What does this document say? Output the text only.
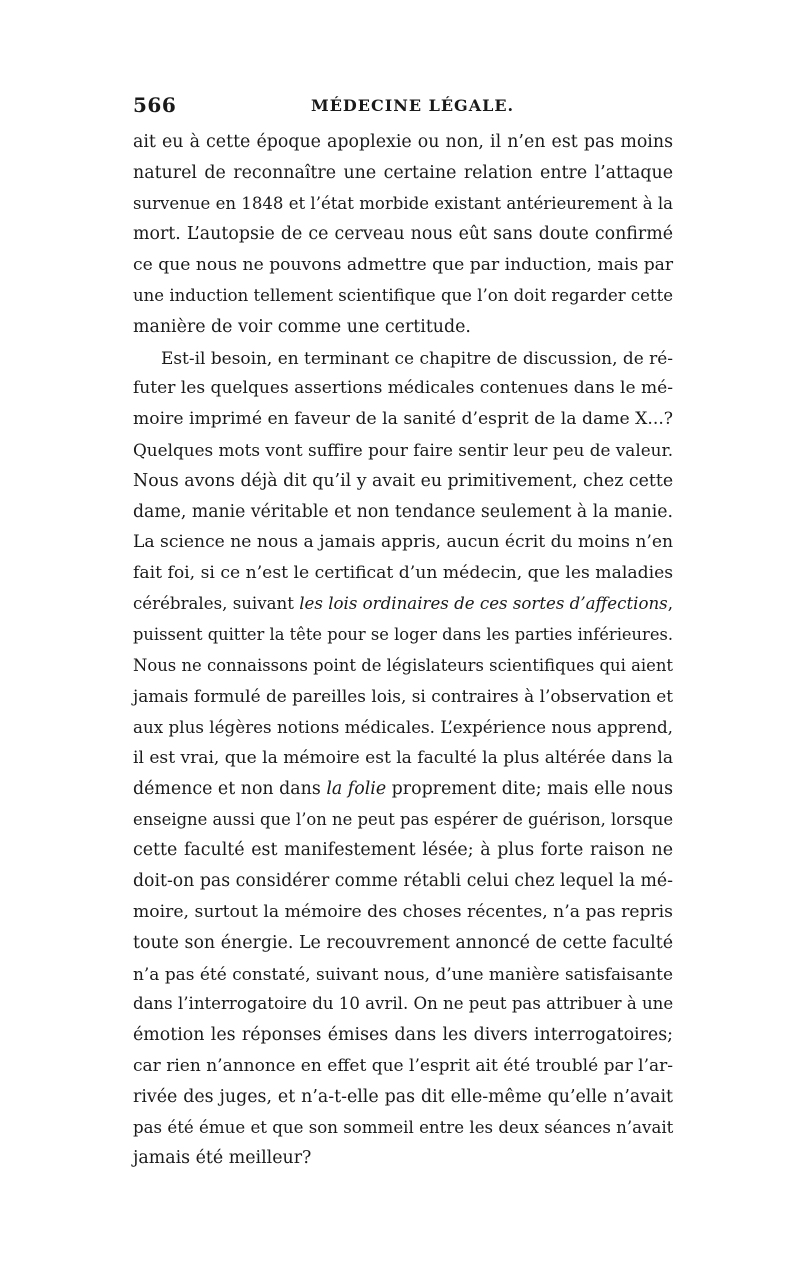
566	MÉDECINE LÉGALE.
ait eu à cette époque apoplexie ou non, il n’en est pas moins
naturel de reconnaître une certaine relation entre l’attaque
survenue en 1848 et l’état morbide existant antérieurement à la
mort. L’autopsie de ce cerveau nous eût sans doute confirmé
ce que nous ne pouvons admettre que par induction, mais par
une induction tellement scientifique que l’on doit regarder cette
manière de voir comme une certitude.
Est-il besoin, en terminant ce chapitre de discussion, de ré-
futer les quelques assertions médicales contenues dans le mé-
moire imprimé en faveur de la sanité d’esprit de la dame X...?
Quelques mots vont suffire pour faire sentir leur peu de valeur.
Nous avons déjà dit qu’il y avait eu primitivement, chez cette
dame, manie véritable et non tendance seulement à la manie.
La science ne nous a jamais appris, aucun écrit du moins n’en
fait foi, si ce n’est le certificat d’un médecin, que les maladies
cérébrales, suivant les lois ordinaires de ces sortes d’affections,
puissent quitter la tête pour se loger dans les parties inférieures.
Nous ne connaissons point de législateurs scientifiques qui aient
jamais formulé de pareilles lois, si contraires à l’observation et
aux plus légères notions médicales. L’expérience nous apprend,
il est vrai, que la mémoire est la faculté la plus altérée dans la
démence et non dans la folie proprement dite; mais elle nous
enseigne aussi que l’on ne peut pas espérer de guérison, lorsque
cette faculté est manifestement lésée; à plus forte raison ne
doit-on pas considérer comme rétabli celui chez lequel la mé-
moire, surtout la mémoire des choses récentes, n’a pas repris
toute son énergie. Le recouvrement annoncé de cette faculté
n’a pas été constaté, suivant nous, d’une manière satisfaisante
dans l’interrogatoire du 10 avril. On ne peut pas attribuer à une
émotion les réponses émises dans les divers interrogatoires;
car rien n’annonce en effet que l’esprit ait été troublé par l’ar-
rivée des juges, et n’a-t-elle pas dit elle-même qu’elle n’avait
pas été émue et que son sommeil entre les deux séances n’avait
jamais été meilleur?
